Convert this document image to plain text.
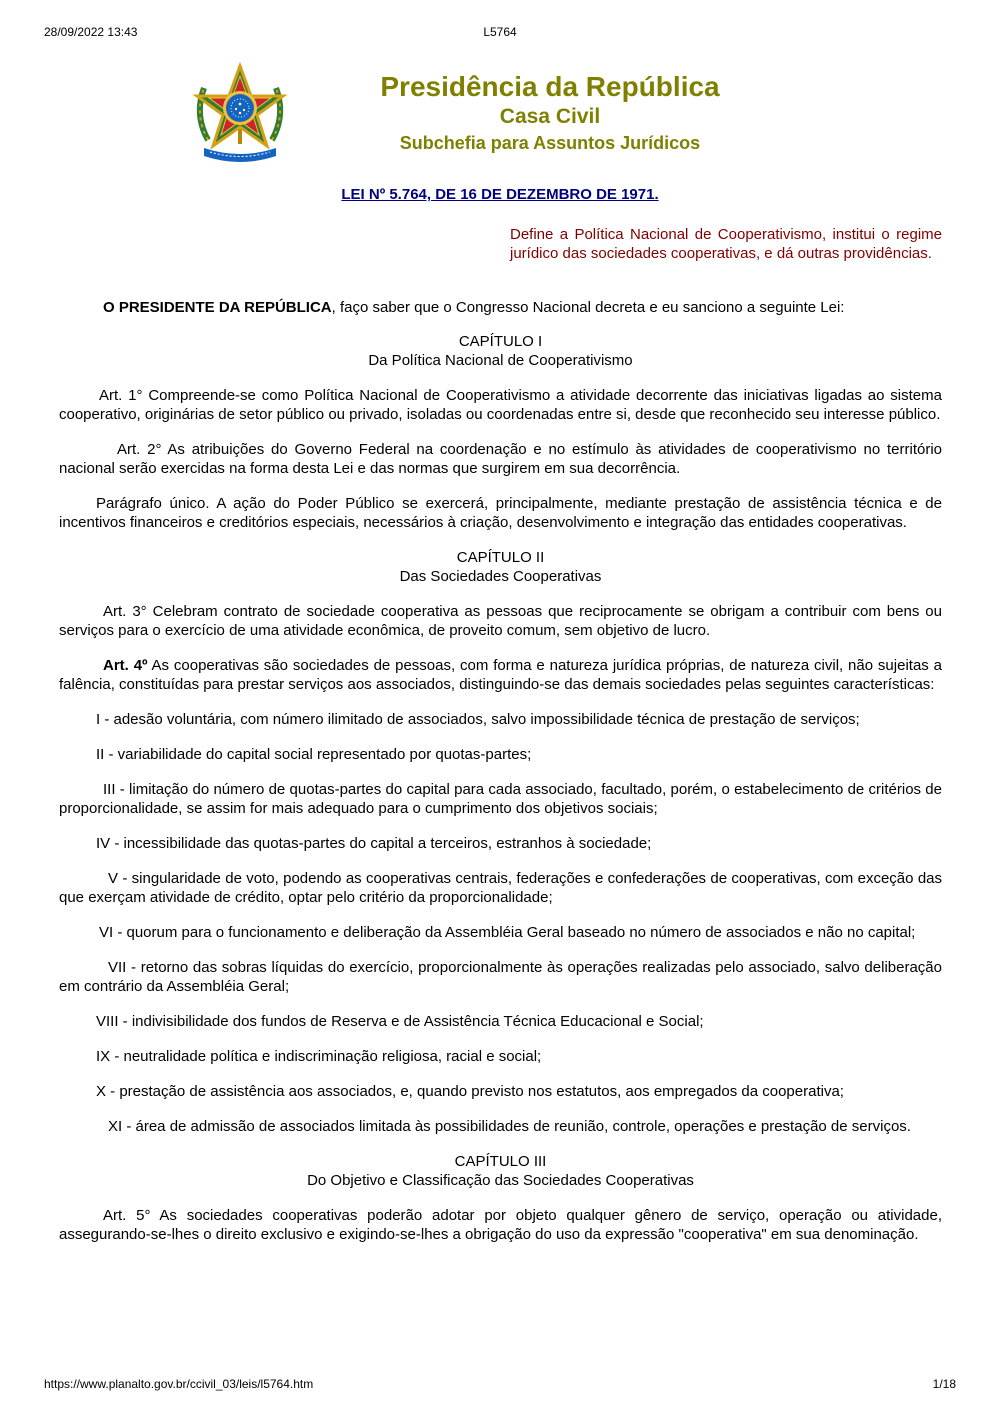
28/09/2022 13:43	L5764
Presidência da República
Casa Civil
Subchefia para Assuntos Jurídicos
LEI Nº 5.764, DE 16 DE DEZEMBRO DE 1971.
Define a Política Nacional de Cooperativismo, institui o regime jurídico das sociedades cooperativas, e dá outras providências.

O PRESIDENTE DA REPÚBLICA, faço saber que o Congresso Nacional decreta e eu sanciono a seguinte Lei:

CAPÍTULO I
Da Política Nacional de Cooperativismo

Art. 1° Compreende-se como Política Nacional de Cooperativismo a atividade decorrente das iniciativas ligadas ao sistema cooperativo, originárias de setor público ou privado, isoladas ou coordenadas entre si, desde que reconhecido seu interesse público.

Art. 2° As atribuições do Governo Federal na coordenação e no estímulo às atividades de cooperativismo no território nacional serão exercidas na forma desta Lei e das normas que surgirem em sua decorrência.

Parágrafo único. A ação do Poder Público se exercerá, principalmente, mediante prestação de assistência técnica e de incentivos financeiros e creditórios especiais, necessários à criação, desenvolvimento e integração das entidades cooperativas.

CAPÍTULO II
Das Sociedades Cooperativas

Art. 3° Celebram contrato de sociedade cooperativa as pessoas que reciprocamente se obrigam a contribuir com bens ou serviços para o exercício de uma atividade econômica, de proveito comum, sem objetivo de lucro.

Art. 4º As cooperativas são sociedades de pessoas, com forma e natureza jurídica próprias, de natureza civil, não sujeitas a falência, constituídas para prestar serviços aos associados, distinguindo-se das demais sociedades pelas seguintes características:

I - adesão voluntária, com número ilimitado de associados, salvo impossibilidade técnica de prestação de serviços;

II - variabilidade do capital social representado por quotas-partes;

III - limitação do número de quotas-partes do capital para cada associado, facultado, porém, o estabelecimento de critérios de proporcionalidade, se assim for mais adequado para o cumprimento dos objetivos sociais;

IV - incessibilidade das quotas-partes do capital a terceiros, estranhos à sociedade;

V - singularidade de voto, podendo as cooperativas centrais, federações e confederações de cooperativas, com exceção das que exerçam atividade de crédito, optar pelo critério da proporcionalidade;

VI - quorum para o funcionamento e deliberação da Assembléia Geral baseado no número de associados e não no capital;

VII - retorno das sobras líquidas do exercício, proporcionalmente às operações realizadas pelo associado, salvo deliberação em contrário da Assembléia Geral;

VIII - indivisibilidade dos fundos de Reserva e de Assistência Técnica Educacional e Social;

IX - neutralidade política e indiscriminação religiosa, racial e social;

X - prestação de assistência aos associados, e, quando previsto nos estatutos, aos empregados da cooperativa;

XI - área de admissão de associados limitada às possibilidades de reunião, controle, operações e prestação de serviços.

CAPÍTULO III
Do Objetivo e Classificação das Sociedades Cooperativas

Art. 5° As sociedades cooperativas poderão adotar por objeto qualquer gênero de serviço, operação ou atividade, assegurando-se-lhes o direito exclusivo e exigindo-se-lhes a obrigação do uso da expressão "cooperativa" em sua denominação.

https://www.planalto.gov.br/ccivil_03/leis/l5764.htm	1/18
